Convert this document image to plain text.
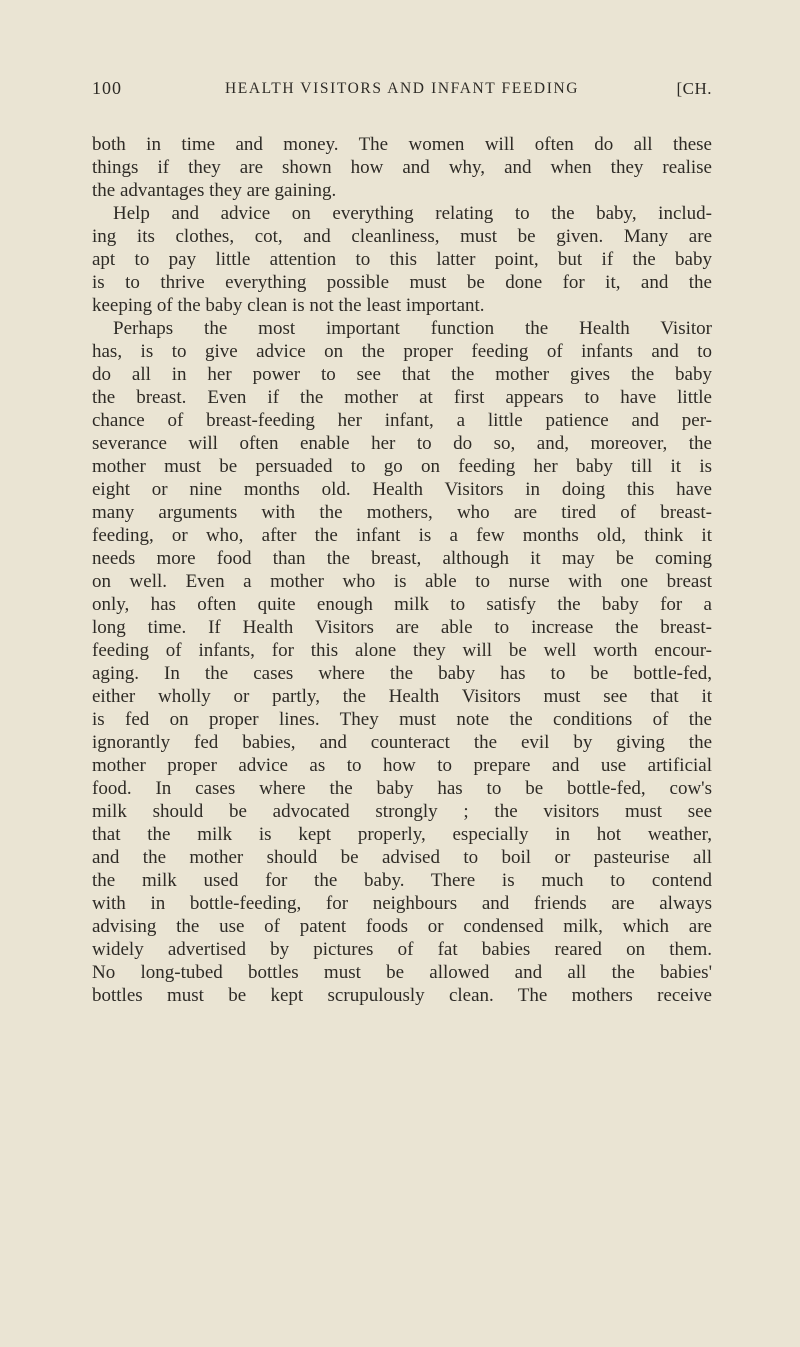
100	HEALTH VISITORS AND INFANT FEEDING	[CH.
both in time and money. The women will often do all these
things if they are shown how and why, and when they realise
the advantages they are gaining.
Help and advice on everything relating to the baby, includ-
ing its clothes, cot, and cleanliness, must be given. Many are
apt to pay little attention to this latter point, but if the baby
is to thrive everything possible must be done for it, and the
keeping of the baby clean is not the least important.
Perhaps the most important function the Health Visitor
has, is to give advice on the proper feeding of infants and to
do all in her power to see that the mother gives the baby
the breast. Even if the mother at first appears to have little
chance of breast-feeding her infant, a little patience and per-
severance will often enable her to do so, and, moreover, the
mother must be persuaded to go on feeding her baby till it is
eight or nine months old. Health Visitors in doing this have
many arguments with the mothers, who are tired of breast-
feeding, or who, after the infant is a few months old, think it
needs more food than the breast, although it may be coming
on well. Even a mother who is able to nurse with one breast
only, has often quite enough milk to satisfy the baby for a
long time. If Health Visitors are able to increase the breast-
feeding of infants, for this alone they will be well worth encour-
aging. In the cases where the baby has to be bottle-fed,
either wholly or partly, the Health Visitors must see that it
is fed on proper lines. They must note the conditions of the
ignorantly fed babies, and counteract the evil by giving the
mother proper advice as to how to prepare and use artificial
food. In cases where the baby has to be bottle-fed, cow's
milk should be advocated strongly ; the visitors must see
that the milk is kept properly, especially in hot weather,
and the mother should be advised to boil or pasteurise all
the milk used for the baby. There is much to contend
with in bottle-feeding, for neighbours and friends are always
advising the use of patent foods or condensed milk, which are
widely advertised by pictures of fat babies reared on them.
No long-tubed bottles must be allowed and all the babies'
bottles must be kept scrupulously clean. The mothers receive
